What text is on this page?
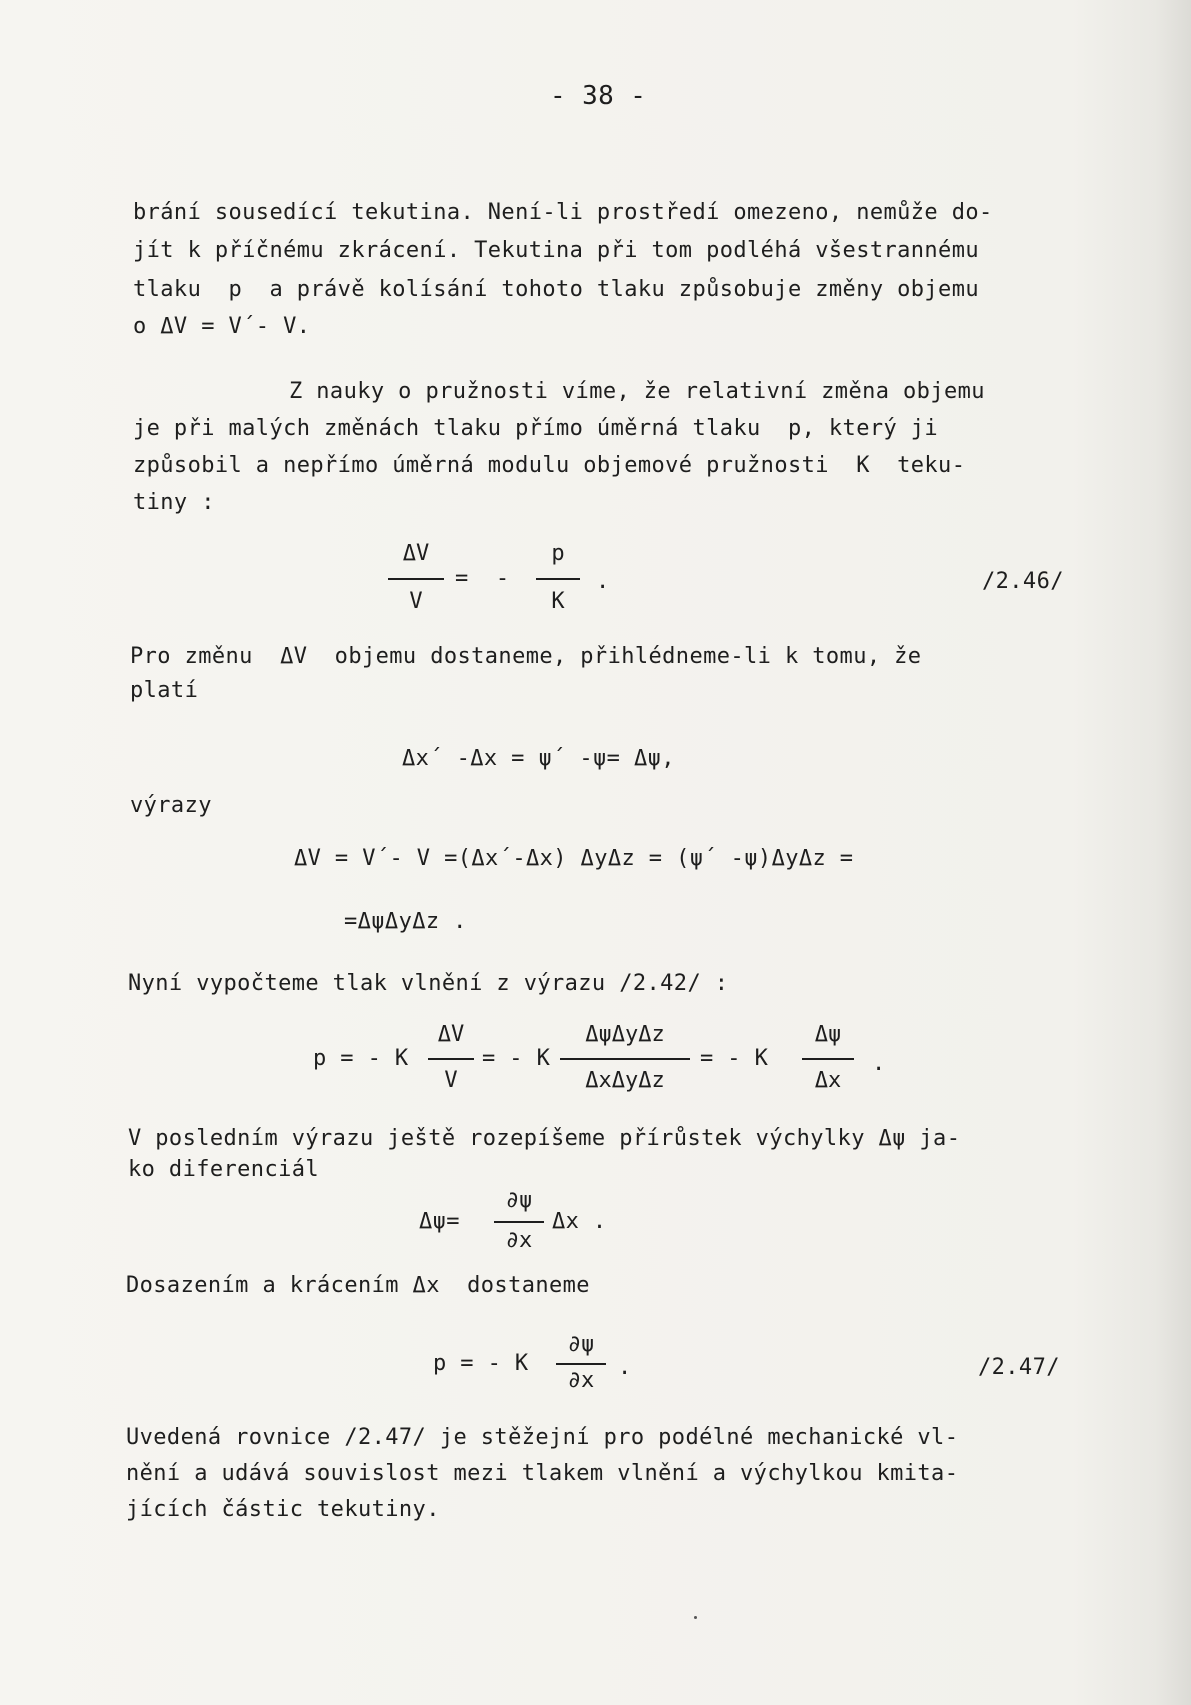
- 38 -
brání sousedící tekutina. Není-li prostředí omezeno, nemůže do-
jít k příčnému zkrácení. Tekutina při tom podléhá všestrannému
tlaku  p  a právě kolísání tohoto tlaku způsobuje změny objemu
o ΔV = V´- V.
Z nauky o pružnosti víme, že relativní změna objemu
je při malých změnách tlaku přímo úměrná tlaku  p, který ji
způsobil a nepřímo úměrná modulu objemové pružnosti  K  teku-
tiny :
ΔV
V
=  -
p
K
.	/2.46/
Pro změnu  ΔV  objemu dostaneme, přihlédneme-li k tomu, že
platí
Δx´ -Δx = ψ´ -ψ= Δψ,
výrazy
ΔV = V´- V =(Δx´-Δx) ΔyΔz = (ψ´ -ψ)ΔyΔz =
=ΔψΔyΔz .
Nyní vypočteme tlak vlnění z výrazu /2.42/ :
p = - K
ΔV
V
= - K
ΔψΔyΔz
ΔxΔyΔz
= - K
Δψ
Δx
.
V posledním výrazu ještě rozepíšeme přírůstek výchylky Δψ ja-
ko diferenciál
Δψ=
∂ψ
∂x
Δx .
Dosazením a krácením Δx  dostaneme
p = - K
∂ψ
∂x
.	/2.47/
Uvedená rovnice /2.47/ je stěžejní pro podélné mechanické vl-
nění a udává souvislost mezi tlakem vlnění a výchylkou kmita-
jících částic tekutiny.
